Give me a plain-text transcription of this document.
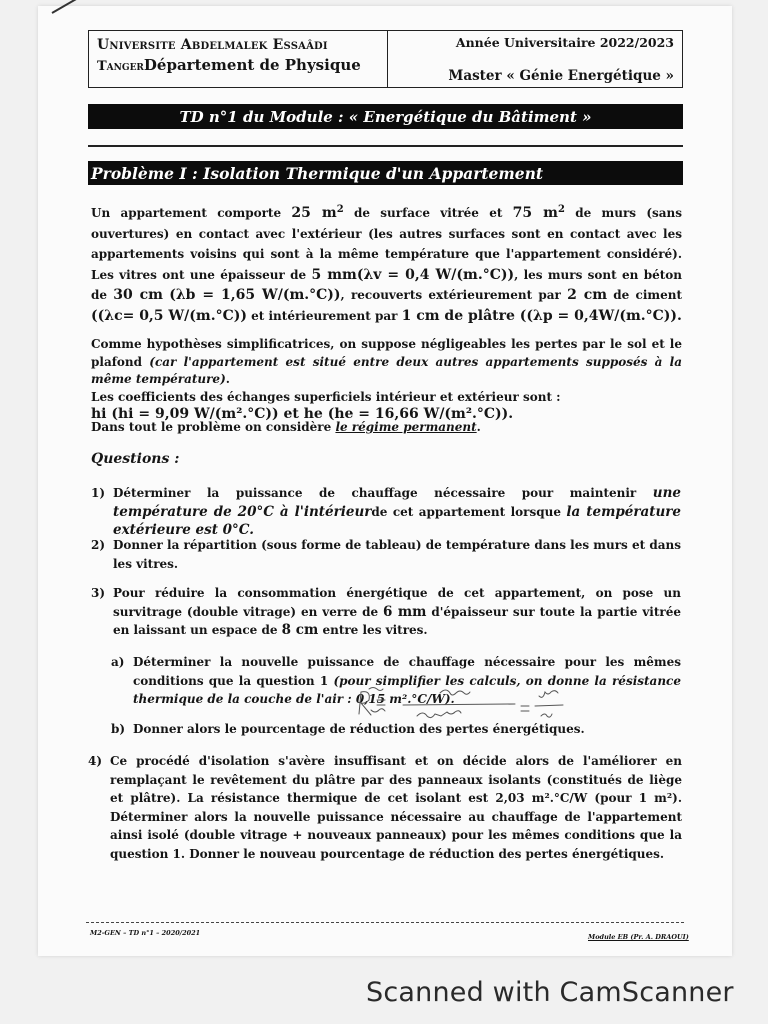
Universite Abdelmalek Essaâdi
TangerDépartement de Physique
Année Universitaire 2022/2023
Master « Génie Energétique »
TD n°1 du Module : « Energétique du Bâtiment »
Problème I : Isolation Thermique d'un Appartement
Un appartement comporte 25 $m^2$ de surface vitrée et 75 $m^2$ de murs (sans ouvertures) en contact avec l'extérieur (les autres surfaces sont en contact avec les appartements voisins qui sont à la même température que l'appartement considéré). Les vitres ont une épaisseur de 5 mm(λv = 0,4 W/(m.°C)), les murs sont en béton de 30 cm (λb = 1,65 W/(m.°C)), recouverts extérieurement par 2 cm de ciment ((λc= 0,5 W/(m.°C)) et intérieurement par 1 cm de plâtre ((λp = 0,4W/(m.°C)).
Comme hypothèses simplificatrices, on suppose négligeables les pertes par le sol et le plafond (car l'appartement est situé entre deux autres appartements supposés à la même température).
Les coefficients des échanges superficiels intérieur et extérieur sont :
hi (hi = 9,09 W/(m².°C)) et he (he = 16,66 W/(m².°C)).
Dans tout le problème on considère le régime permanent.
Questions :
1) Déterminer la puissance de chauffage nécessaire pour maintenir une température de 20°C à l'intérieurde cet appartement lorsque la température extérieure est 0°C.
2) Donner la répartition (sous forme de tableau) de température dans les murs et dans les vitres.
3) Pour réduire la consommation énergétique de cet appartement, on pose un survitrage (double vitrage) en verre de 6 mm d'épaisseur sur toute la partie vitrée en laissant un espace de 8 cm entre les vitres.
a) Déterminer la nouvelle puissance de chauffage nécessaire pour les mêmes conditions que la question 1 (pour simplifier les calculs, on donne la résistance thermique de la couche de l'air : 0,15 m².°C/W).
b) Donner alors le pourcentage de réduction des pertes énergétiques.
4) Ce procédé d'isolation s'avère insuffisant et on décide alors de l'améliorer en remplaçant le revêtement du plâtre par des panneaux isolants (constitués de liège et plâtre). La résistance thermique de cet isolant est 2,03 m².°C/W (pour 1 m²). Déterminer alors la nouvelle puissance nécessaire au chauffage de l'appartement ainsi isolé (double vitrage + nouveaux panneaux) pour les mêmes conditions que la question 1. Donner le nouveau pourcentage de réduction des pertes énergétiques.
M2-GEN – TD n°1 – 2020/2021	Module EB (Pr. A. DRAOUI)
Scanned with CamScanner
